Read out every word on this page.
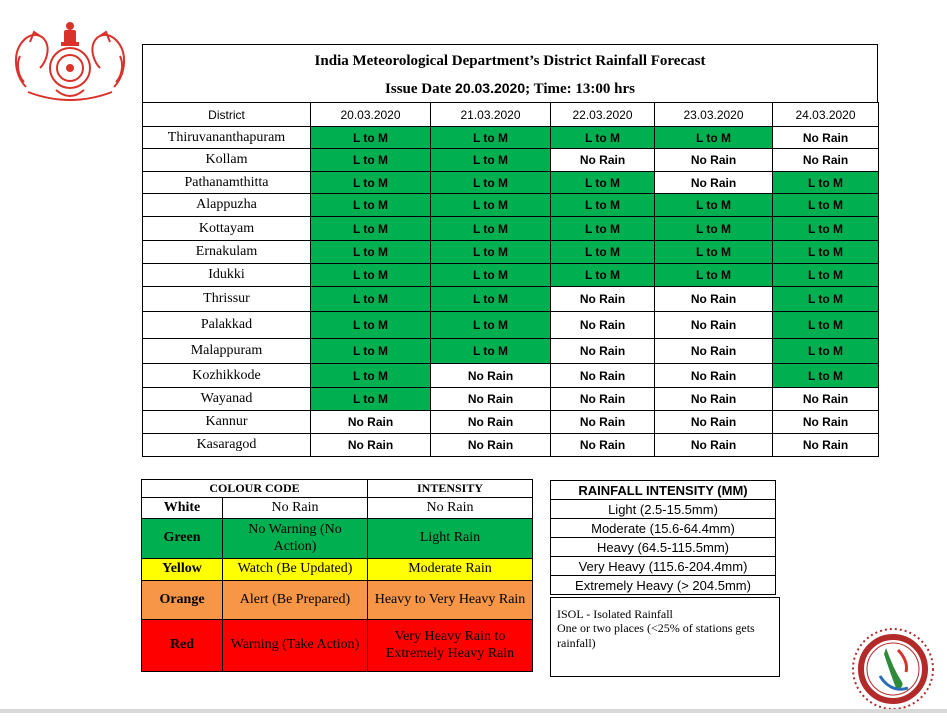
India Meteorological Department’s District Rainfall Forecast
Issue Date 20.03.2020; Time: 13:00 hrs
District	20.03.2020	21.03.2020	22.03.2020	23.03.2020	24.03.2020
Thiruvananthapuram	L to M	L to M	L to M	L to M	No Rain
Kollam	L to M	L to M	No Rain	No Rain	No Rain
Pathanamthitta	L to M	L to M	L to M	No Rain	L to M
Alappuzha	L to M	L to M	L to M	L to M	L to M
Kottayam	L to M	L to M	L to M	L to M	L to M
Ernakulam	L to M	L to M	L to M	L to M	L to M
Idukki	L to M	L to M	L to M	L to M	L to M
Thrissur	L to M	L to M	No Rain	No Rain	L to M
Palakkad	L to M	L to M	No Rain	No Rain	L to M
Malappuram	L to M	L to M	No Rain	No Rain	L to M
Kozhikkode	L to M	No Rain	No Rain	No Rain	L to M
Wayanad	L to M	No Rain	No Rain	No Rain	No Rain
Kannur	No Rain	No Rain	No Rain	No Rain	No Rain
Kasaragod	No Rain	No Rain	No Rain	No Rain	No Rain
COLOUR CODE		INTENSITY
White	No Rain	No Rain
Green	No Warning (No Action)	Light Rain
Yellow	Watch (Be Updated)	Moderate Rain
Orange	Alert (Be Prepared)	Heavy to Very Heavy Rain
Red	Warning (Take Action)	Very Heavy Rain to Extremely Heavy Rain
RAINFALL INTENSITY (MM)
Light (2.5-15.5mm)
Moderate (15.6-64.4mm)
Heavy (64.5-115.5mm)
Very Heavy (115.6-204.4mm)
Extremely Heavy (> 204.5mm)
ISOL - Isolated Rainfall
One or two places (<25% of stations gets rainfall)
